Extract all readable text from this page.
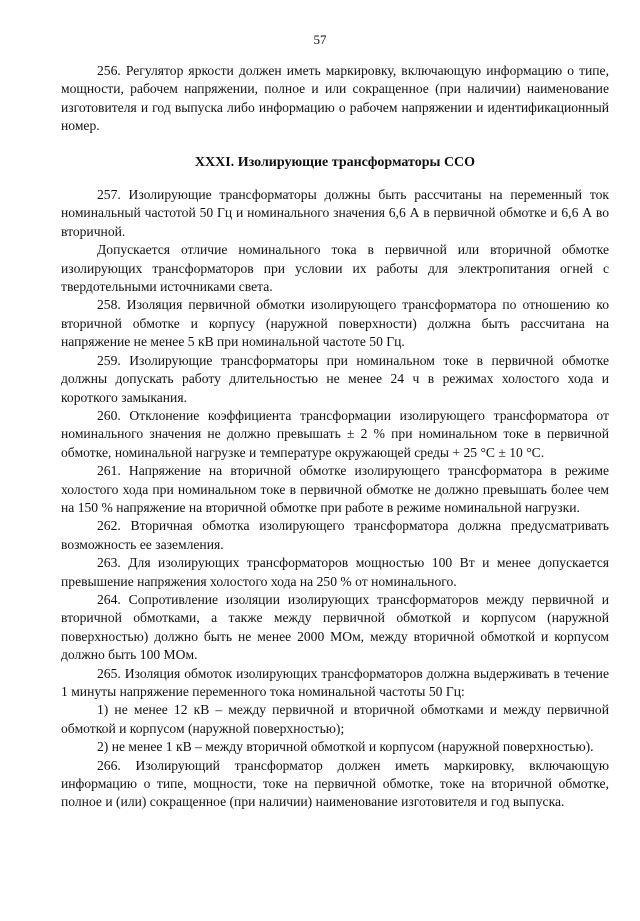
57

256. Регулятор яркости должен иметь маркировку, включающую информацию о типе, мощности, рабочем напряжении, полное и или сокращенное (при наличии) наименование изготовителя и год выпуска либо информацию о рабочем напряжении и идентификационный номер.

XXXI. Изолирующие трансформаторы ССО

257. Изолирующие трансформаторы должны быть рассчитаны на переменный ток номинальный частотой 50 Гц и номинального значения 6,6 А в первичной обмотке и 6,6 А во вторичной.

Допускается отличие номинального тока в первичной или вторичной обмотке изолирующих трансформаторов при условии их работы для электропитания огней с твердотельными источниками света.

258. Изоляция первичной обмотки изолирующего трансформатора по отношению ко вторичной обмотке и корпусу (наружной поверхности) должна быть рассчитана на напряжение не менее 5 кВ при номинальной частоте 50 Гц.

259. Изолирующие трансформаторы при номинальном токе в первичной обмотке должны допускать работу длительностью не менее 24 ч в режимах холостого хода и короткого замыкания.

260. Отклонение коэффициента трансформации изолирующего трансформатора от номинального значения не должно превышать ± 2 % при номинальном токе в первичной обмотке, номинальной нагрузке и температуре окружающей среды + 25 °С ± 10 °С.

261. Напряжение на вторичной обмотке изолирующего трансформатора в режиме холостого хода при номинальном токе в первичной обмотке не должно превышать более чем на 150 % напряжение на вторичной обмотке при работе в режиме номинальной нагрузки.

262. Вторичная обмотка изолирующего трансформатора должна предусматривать возможность ее заземления.

263. Для изолирующих трансформаторов мощностью 100 Вт и менее допускается превышение напряжения холостого хода на 250 % от номинального.

264. Сопротивление изоляции изолирующих трансформаторов между первичной и вторичной обмотками, а также между первичной обмоткой и корпусом (наружной поверхностью) должно быть не менее 2000 МОм, между вторичной обмоткой и корпусом должно быть 100 МОм.

265. Изоляция обмоток изолирующих трансформаторов должна выдерживать в течение 1 минуты напряжение переменного тока номинальной частоты 50 Гц:

1) не менее 12 кВ – между первичной и вторичной обмотками и между первичной обмоткой и корпусом (наружной поверхностью);

2) не менее 1 кВ – между вторичной обмоткой и корпусом (наружной поверхностью).

266. Изолирующий трансформатор должен иметь маркировку, включающую информацию о типе, мощности, токе на первичной обмотке, токе на вторичной обмотке, полное и (или) сокращенное (при наличии) наименование изготовителя и год выпуска.
